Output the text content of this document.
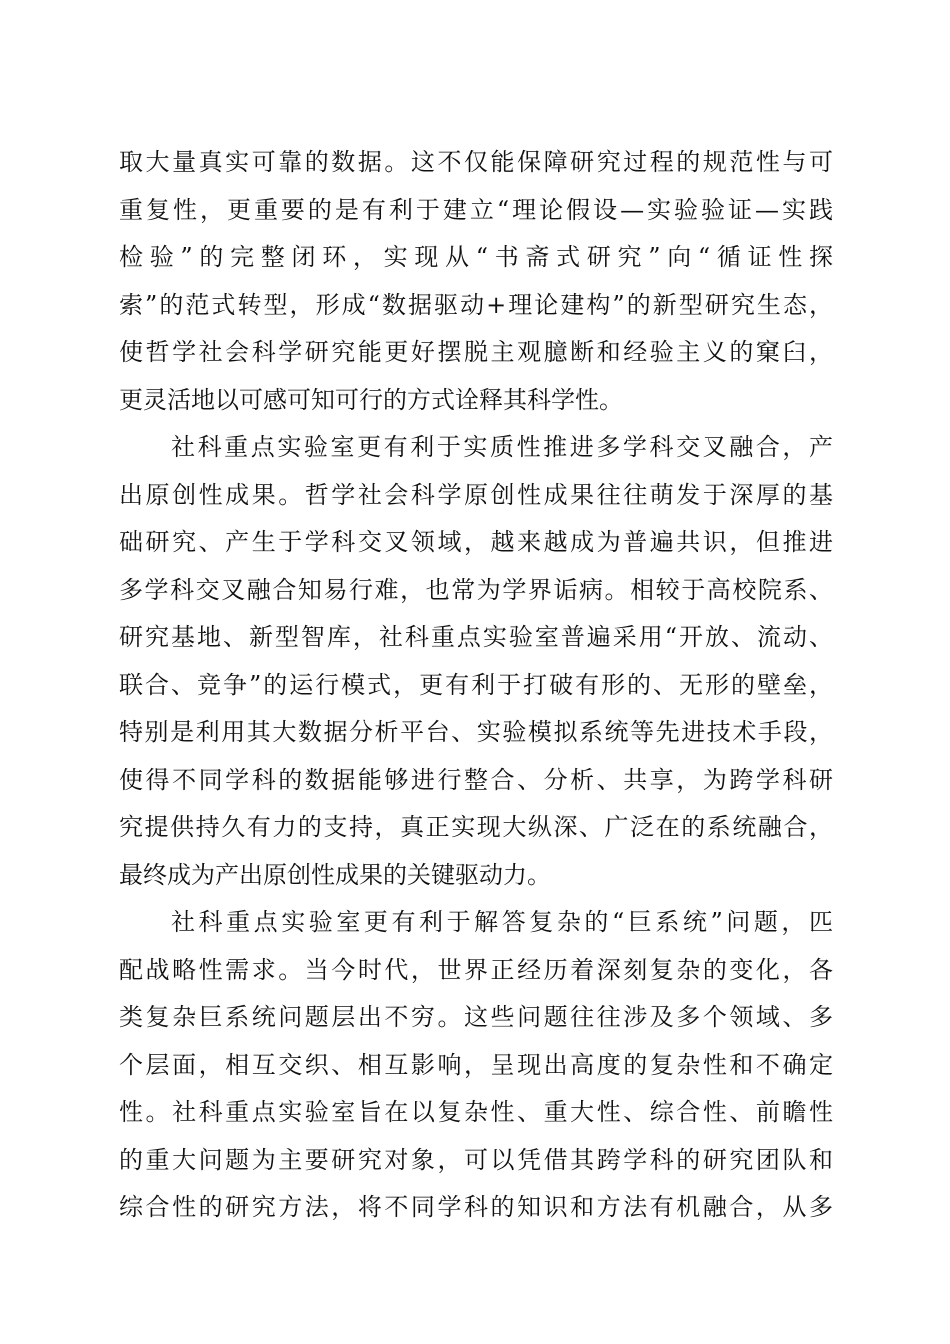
取大量真实可靠的数据。这不仅能保障研究过程的规范性与可
重复性，更重要的是有利于建立“理论假设—实验验证—实践
检验”的完整闭环，实现从“书斋式研究”向“循证性探
索”的范式转型，形成“数据驱动+理论建构”的新型研究生态，
使哲学社会科学研究能更好摆脱主观臆断和经验主义的窠臼，
更灵活地以可感可知可行的方式诠释其科学性。
社科重点实验室更有利于实质性推进多学科交叉融合，产
出原创性成果。哲学社会科学原创性成果往往萌发于深厚的基
础研究、产生于学科交叉领域，越来越成为普遍共识，但推进
多学科交叉融合知易行难，也常为学界诟病。相较于高校院系、
研究基地、新型智库，社科重点实验室普遍采用“开放、流动、
联合、竞争”的运行模式，更有利于打破有形的、无形的壁垒，
特别是利用其大数据分析平台、实验模拟系统等先进技术手段，
使得不同学科的数据能够进行整合、分析、共享，为跨学科研
究提供持久有力的支持，真正实现大纵深、广泛在的系统融合，
最终成为产出原创性成果的关键驱动力。
社科重点实验室更有利于解答复杂的“巨系统”问题，匹
配战略性需求。当今时代，世界正经历着深刻复杂的变化，各
类复杂巨系统问题层出不穷。这些问题往往涉及多个领域、多
个层面，相互交织、相互影响，呈现出高度的复杂性和不确定
性。社科重点实验室旨在以复杂性、重大性、综合性、前瞻性
的重大问题为主要研究对象，可以凭借其跨学科的研究团队和
综合性的研究方法，将不同学科的知识和方法有机融合，从多
